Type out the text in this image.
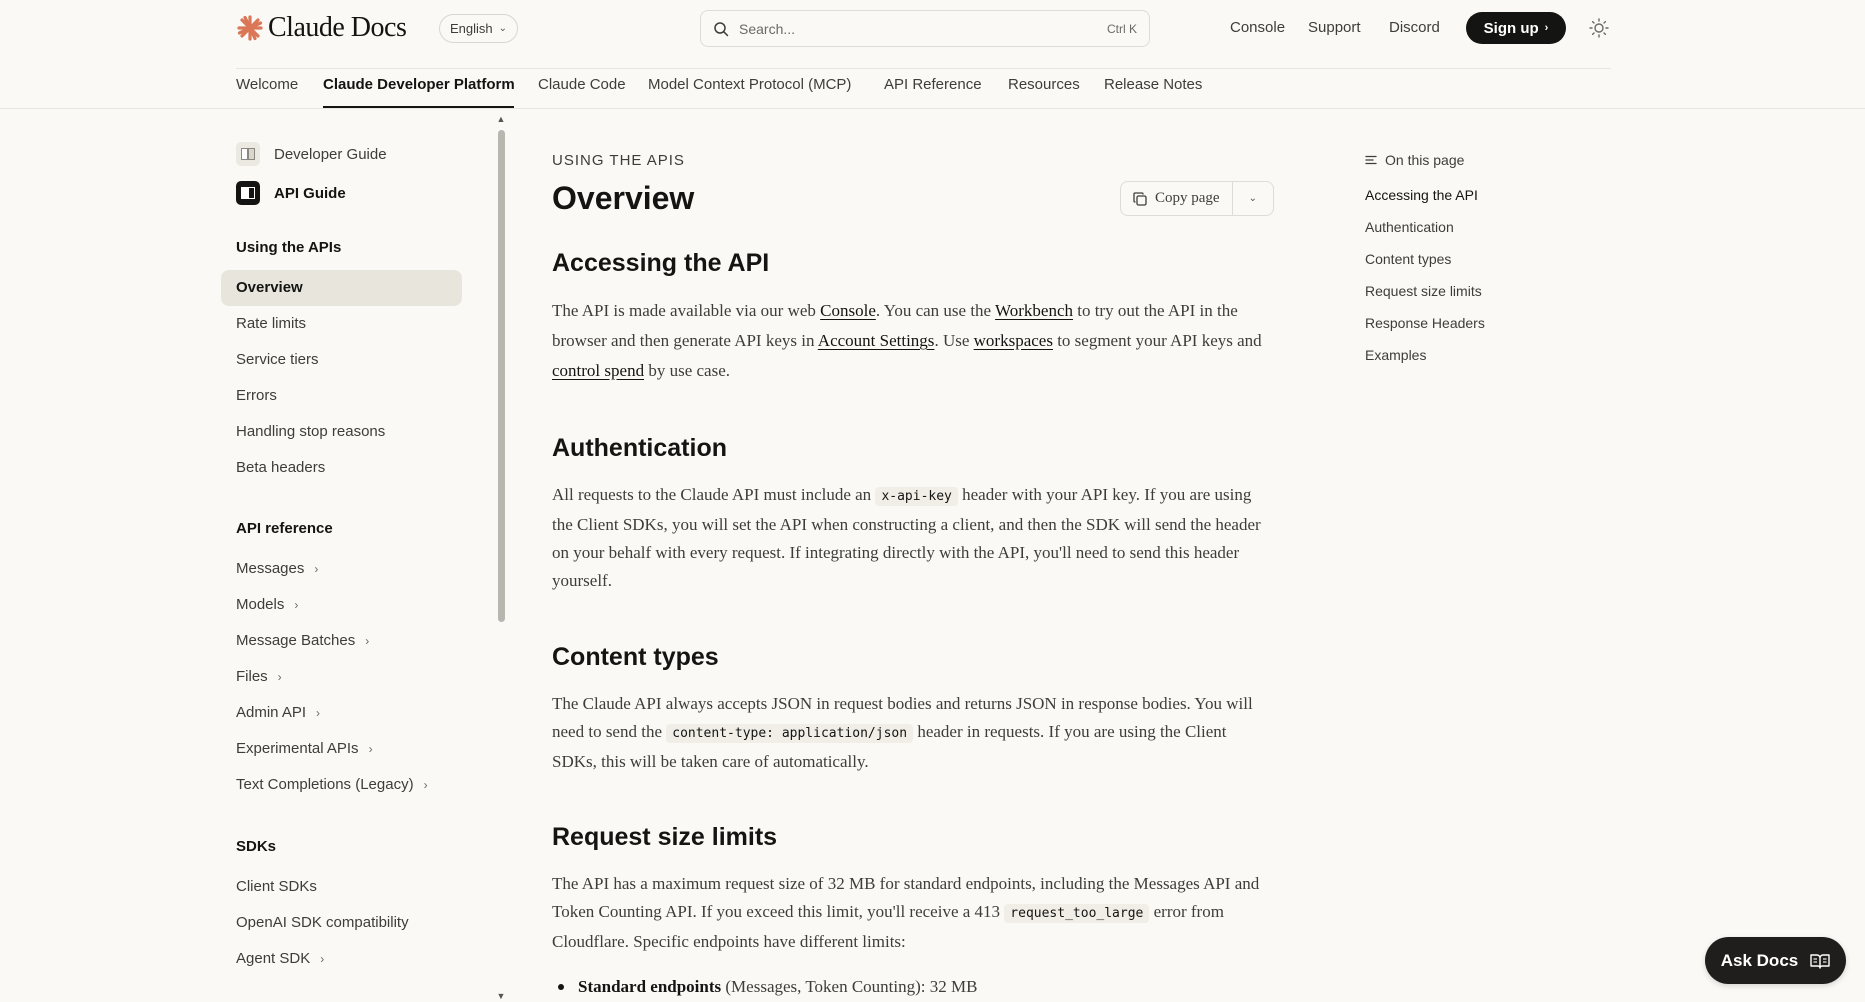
Claude Docs	English ⌄
Search...	Ctrl K	Console Support Discord	Sign up ›
Welcome Claude Developer Platform Claude Code Model Context Protocol (MCP) API Reference Resources Release Notes
Developer Guide
API Guide
Using the APIs
Overview
Rate limits
Service tiers
Errors
Handling stop reasons
Beta headers
API reference
Messages ›
Models ›
Message Batches ›
Files ›
Admin API ›
Experimental APIs ›
Text Completions (Legacy) ›
SDKs
Client SDKs
OpenAI SDK compatibility
Agent SDK ›
▲
▼
USING THE APIS
Overview	Copy page	⌄
Accessing the API

The API is made available via our web Console. You can use the Workbench to try out the API in the browser and then generate API keys in Account Settings. Use workspaces to segment your API keys and control spend by use case.

Authentication

All requests to the Claude API must include an x-api-key header with your API key. If you are using the Client SDKs, you will set the API when constructing a client, and then the SDK will send the header on your behalf with every request. If integrating directly with the API, you'll need to send this header yourself.

Content types

The Claude API always accepts JSON in request bodies and returns JSON in response bodies. You will need to send the content-type: application/json header in requests. If you are using the Client SDKs, this will be taken care of automatically.

Request size limits

The API has a maximum request size of 32 MB for standard endpoints, including the Messages API and Token Counting API. If you exceed this limit, you'll receive a 413 request_too_large error from Cloudflare. Specific endpoints have different limits:

Standard endpoints (Messages, Token Counting): 32 MB
On this page
Accessing the API
Authentication
Content types
Request size limits
Response Headers
Examples
Ask Docs
